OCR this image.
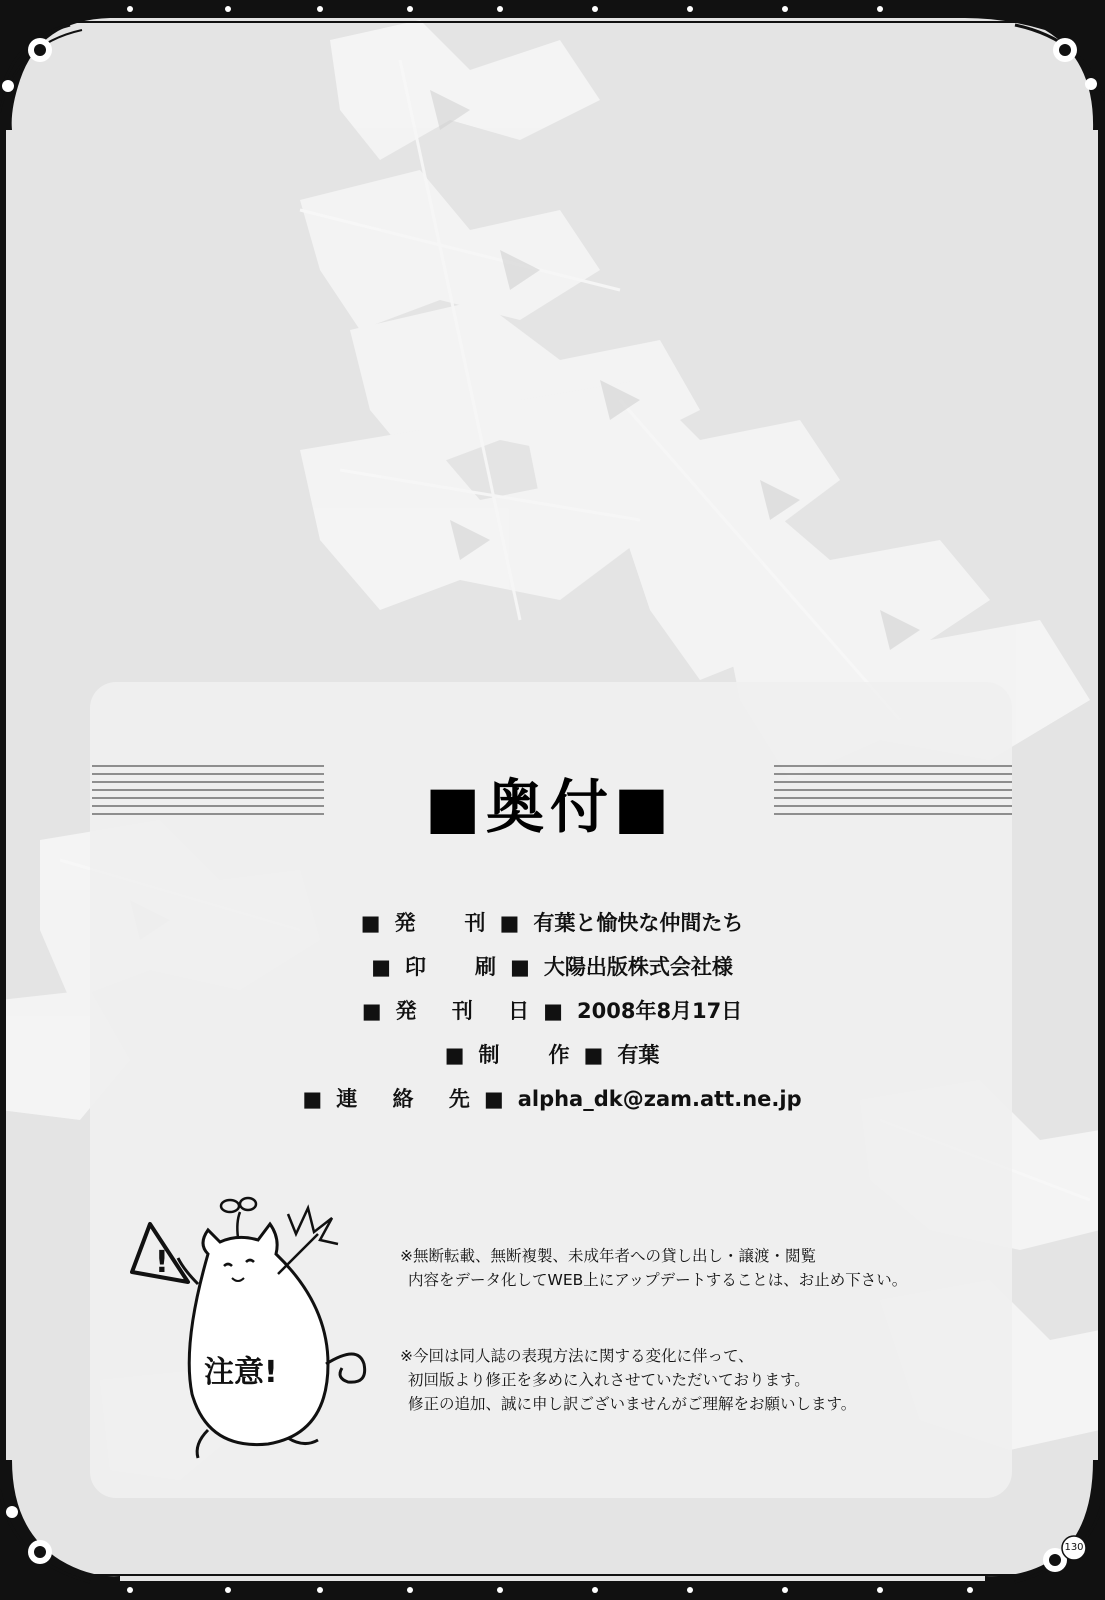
■奥付■
■発　刊■有葉と愉快な仲間たち
■印　刷■大陽出版株式会社様
■発 刊 日■2008年8月17日
■制　作■有葉
■連 絡 先■alpha_dk@zam.att.ne.jp
※無断転載、無断複製、未成年者への貸し出し・譲渡・閲覧
内容をデータ化してWEB上にアップデートすることは、お止め下さい。
※今回は同人誌の表現方法に関する変化に伴って、
初回版より修正を多めに入れさせていただいております。
修正の追加、誠に申し訳ございませんがご理解をお願いします。
!
注意!
130
